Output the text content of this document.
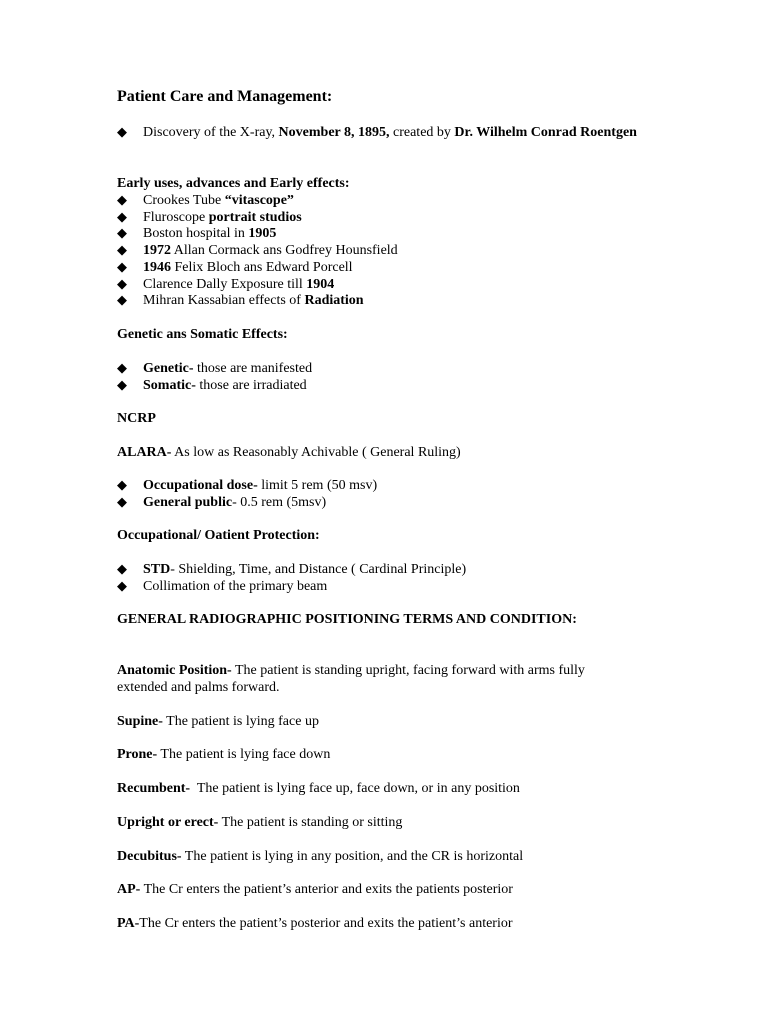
Patient Care and Management:
◆	Discovery of the X-ray, November 8, 1895, created by Dr. Wilhelm Conrad Roentgen
Early uses, advances and Early effects:
◆ Crookes Tube “vitascope”
◆ Fluroscope portrait studios
◆ Boston hospital in 1905
◆ 1972 Allan Cormack ans Godfrey Hounsfield
◆ 1946 Felix Bloch ans Edward Porcell
◆ Clarence Dally Exposure till 1904
◆ Mihran Kassabian effects of Radiation
Genetic ans Somatic Effects:
◆ Genetic- those are manifested
◆ Somatic- those are irradiated
NCRP
ALARA- As low as Reasonably Achivable ( General Ruling)
◆ Occupational dose- limit 5 rem (50 msv)
◆ General public- 0.5 rem (5msv)
Occupational/ Oatient Protection:
◆ STD- Shielding, Time, and Distance ( Cardinal Principle)
◆ Collimation of the primary beam
GENERAL RADIOGRAPHIC POSITIONING TERMS AND CONDITION:
Anatomic Position- The patient is standing upright, facing forward with arms fully
extended and palms forward.
Supine- The patient is lying face up
Prone- The patient is lying face down
Recumbent-  The patient is lying face up, face down, or in any position
Upright or erect- The patient is standing or sitting
Decubitus- The patient is lying in any position, and the CR is horizontal
AP- The Cr enters the patient’s anterior and exits the patients posterior
PA-The Cr enters the patient’s posterior and exits the patient’s anterior
